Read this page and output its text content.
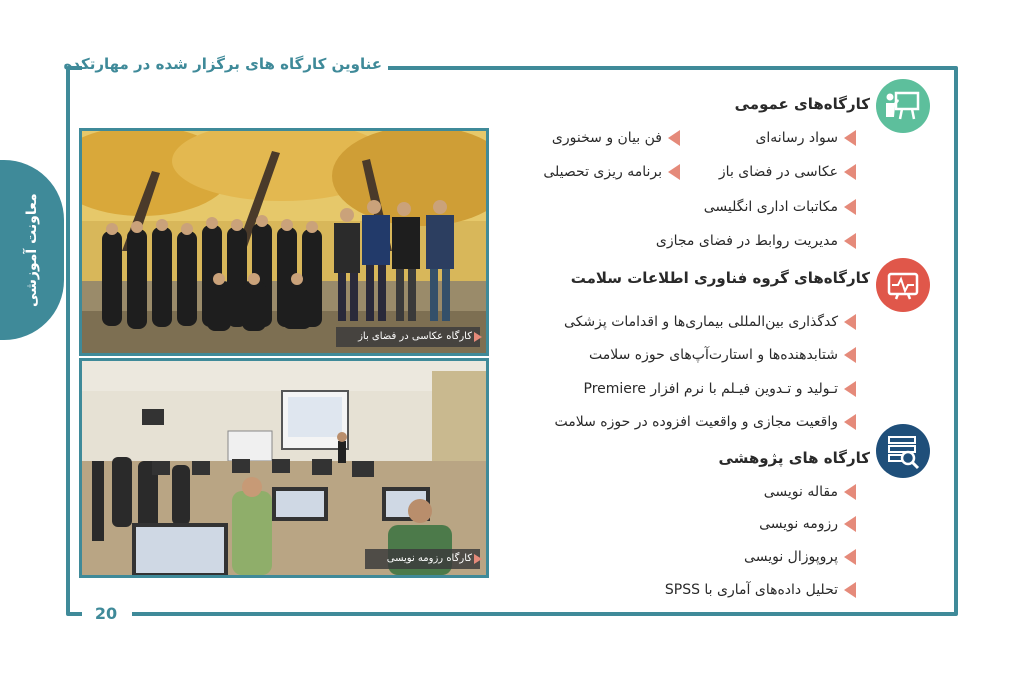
عناوین کارگاه های برگزار شده در مهارتکده
20
معاونت آموزشی
کارگاه عکاسی در فضای باز
کارگاه رزومه نویسی
کارگاه‌های عمومی
سواد رسانه‌ای
فن بیان و سخنوری
عکاسی در فضای باز
برنامه ریزی تحصیلی
مکاتبات اداری انگلیسی
مدیریت روابط در فضای مجازی
کارگاه‌های گروه فناوری اطلاعات سلامت
کدگذاری بین‌المللی بیماری‌ها و اقدامات پزشکی
شتابدهنده‌ها و استارت‌آپ‌های حوزه سلامت
تـولید و تـدوین فیـلم با نرم افزار Premiere
واقعیت مجازی و واقعیت افزوده در حوزه سلامت
کارگاه های پژوهشی
مقاله نویسی
رزومه نویسی
پروپوزال نویسی
تحلیل داده‌های آماری با SPSS
